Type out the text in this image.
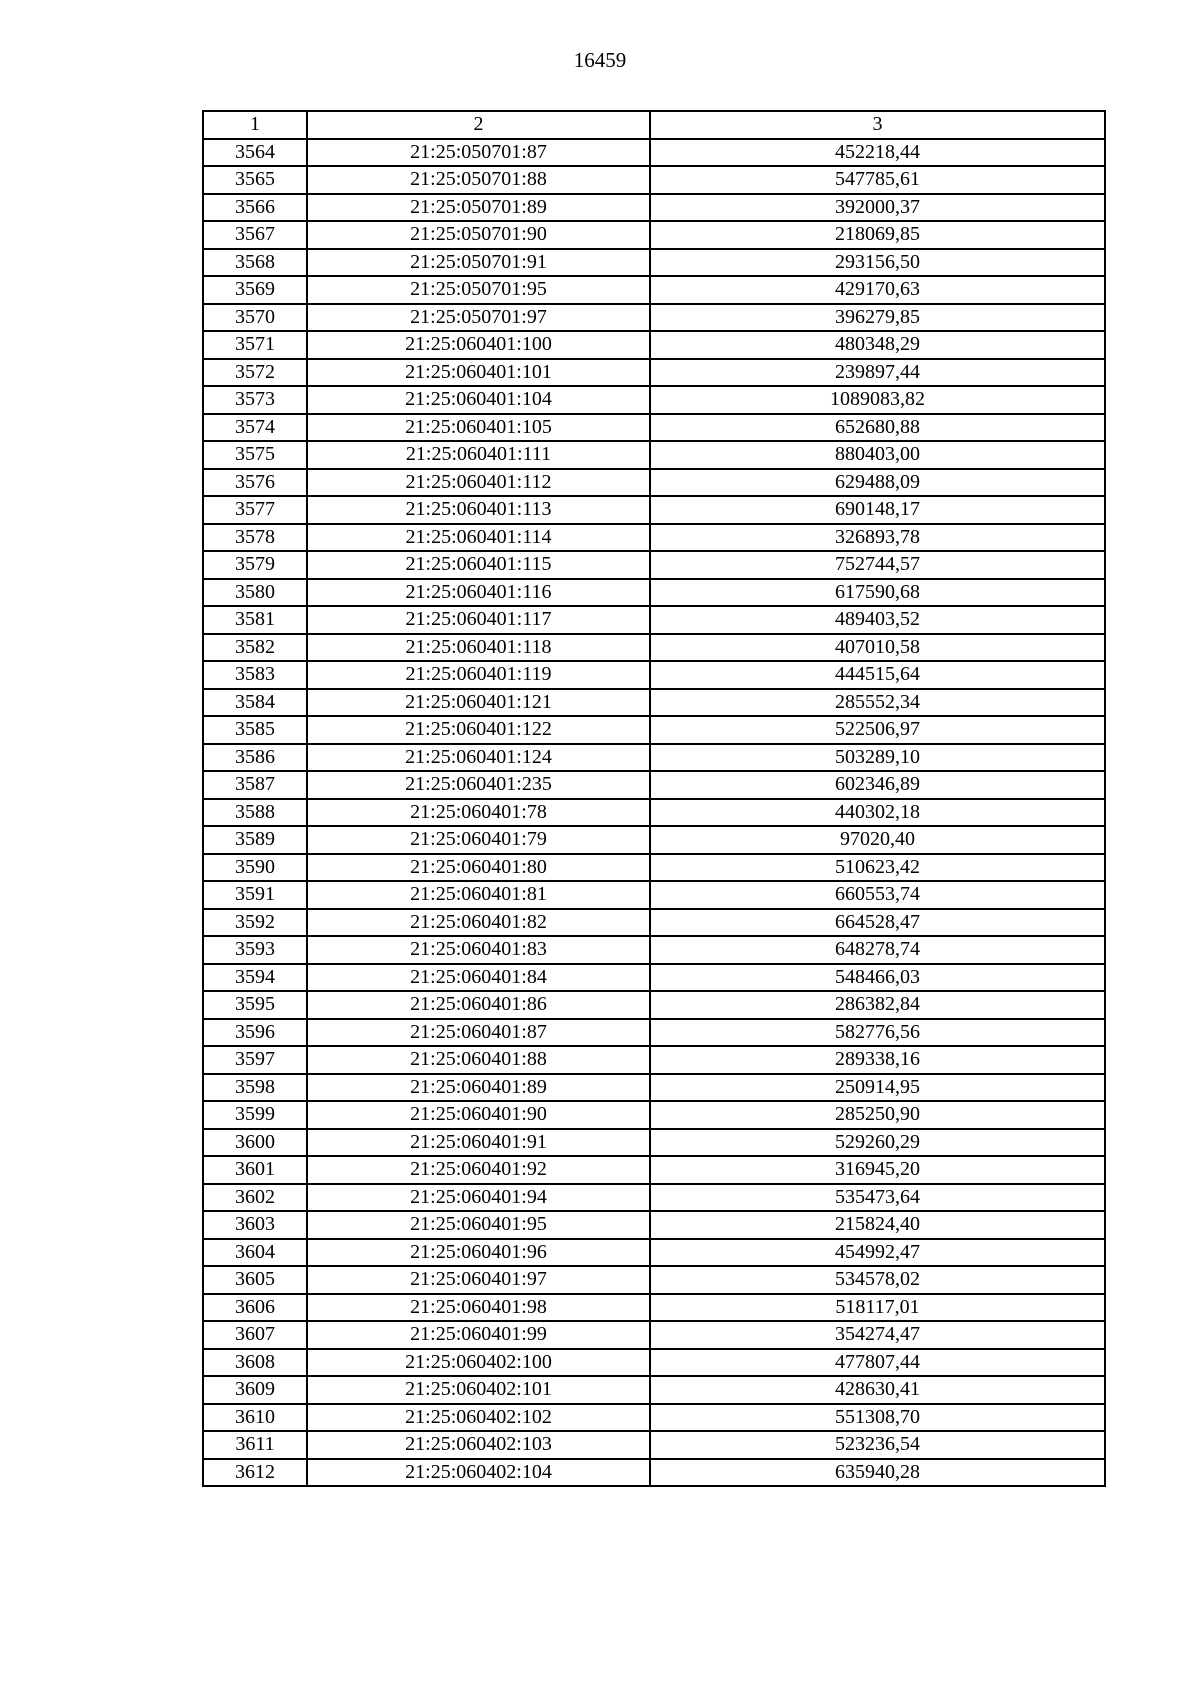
16459
1	2	3
3564	21:25:050701:87	452218,44
3565	21:25:050701:88	547785,61
3566	21:25:050701:89	392000,37
3567	21:25:050701:90	218069,85
3568	21:25:050701:91	293156,50
3569	21:25:050701:95	429170,63
3570	21:25:050701:97	396279,85
3571	21:25:060401:100	480348,29
3572	21:25:060401:101	239897,44
3573	21:25:060401:104	1089083,82
3574	21:25:060401:105	652680,88
3575	21:25:060401:111	880403,00
3576	21:25:060401:112	629488,09
3577	21:25:060401:113	690148,17
3578	21:25:060401:114	326893,78
3579	21:25:060401:115	752744,57
3580	21:25:060401:116	617590,68
3581	21:25:060401:117	489403,52
3582	21:25:060401:118	407010,58
3583	21:25:060401:119	444515,64
3584	21:25:060401:121	285552,34
3585	21:25:060401:122	522506,97
3586	21:25:060401:124	503289,10
3587	21:25:060401:235	602346,89
3588	21:25:060401:78	440302,18
3589	21:25:060401:79	97020,40
3590	21:25:060401:80	510623,42
3591	21:25:060401:81	660553,74
3592	21:25:060401:82	664528,47
3593	21:25:060401:83	648278,74
3594	21:25:060401:84	548466,03
3595	21:25:060401:86	286382,84
3596	21:25:060401:87	582776,56
3597	21:25:060401:88	289338,16
3598	21:25:060401:89	250914,95
3599	21:25:060401:90	285250,90
3600	21:25:060401:91	529260,29
3601	21:25:060401:92	316945,20
3602	21:25:060401:94	535473,64
3603	21:25:060401:95	215824,40
3604	21:25:060401:96	454992,47
3605	21:25:060401:97	534578,02
3606	21:25:060401:98	518117,01
3607	21:25:060401:99	354274,47
3608	21:25:060402:100	477807,44
3609	21:25:060402:101	428630,41
3610	21:25:060402:102	551308,70
3611	21:25:060402:103	523236,54
3612	21:25:060402:104	635940,28
